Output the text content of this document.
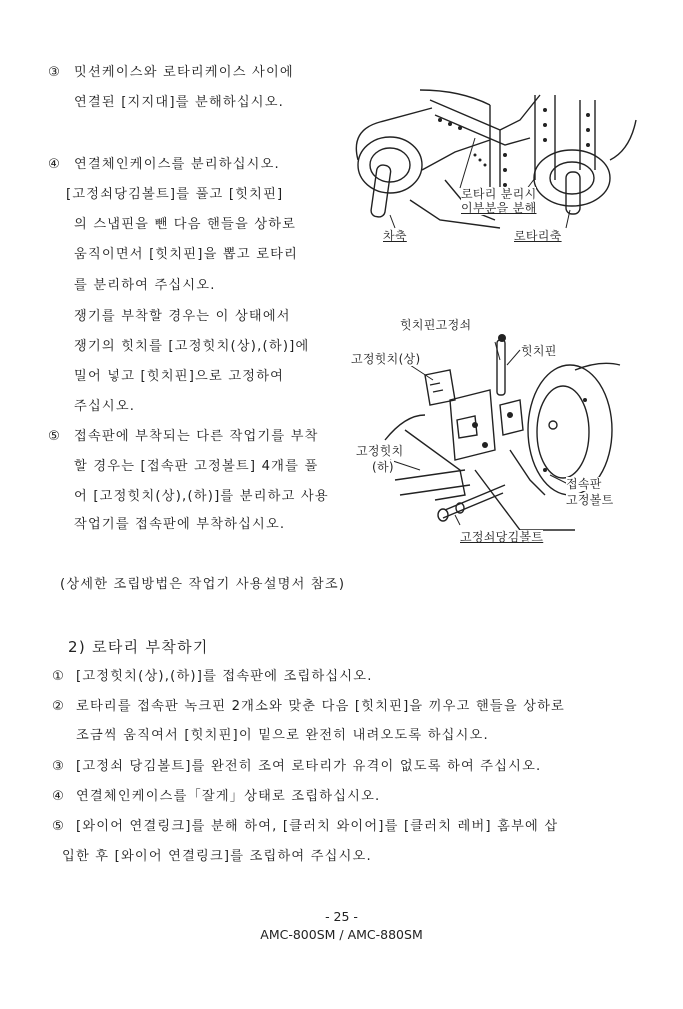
③ 밋션케이스와 로타리케이스 사이에
연결된 [지지대]를 분해하십시오.
④ 연결체인케이스를 분리하십시오.
[고정쇠당김볼트]를 풀고 [힛치핀]
의 스냅핀을 뺀 다음 핸들을 상하로
움직이면서 [힛치핀]을 뽑고 로타리
를 분리하여 주십시오.
쟁기를 부착할 경우는 이 상태에서
쟁기의 힛치를 [고정힛치(상),(하)]에
밀어 넣고 [힛치핀]으로 고정하여
주십시오.
⑤ 접속판에 부착되는 다른 작업기를 부착
할 경우는 [접속판 고정볼트] 4개를 풀
어 [고정힛치(상),(하)]를 분리하고 사용
작업기를 접속판에 부착하십시오.
(상세한 조립방법은 작업기 사용설명서 참조)
2) 로타리 부착하기
① [고정힛치(상),(하)]를 접속판에 조립하십시오.
② 로타리를 접속판 녹크핀 2개소와 맞춘 다음 [힛치핀]을 끼우고 핸들을 상하로
조금씩 움직여서 [힛치핀]이 밑으로 완전히 내려오도록 하십시오.
③ [고정쇠 당김볼트]를 완전히 조여 로타리가 유격이 없도록 하여 주십시오.
④ 연결체인케이스를「잘게」상태로 조립하십시오.
⑤ [와이어 연결링크]를 분해 하여, [클러치 와이어]를 [클러치 레버] 홈부에 삽
입한 후 [와이어 연결링크]를 조립하여 주십시오.
로타리 분리시
이부분을 분해
차축	로타리축
힛치핀고정쇠
힛치핀
고정힛치(상)
고정힛치
(하)
접속판
고정볼트
고정쇠당김볼트
- 25 -
AMC-800SM / AMC-880SM
